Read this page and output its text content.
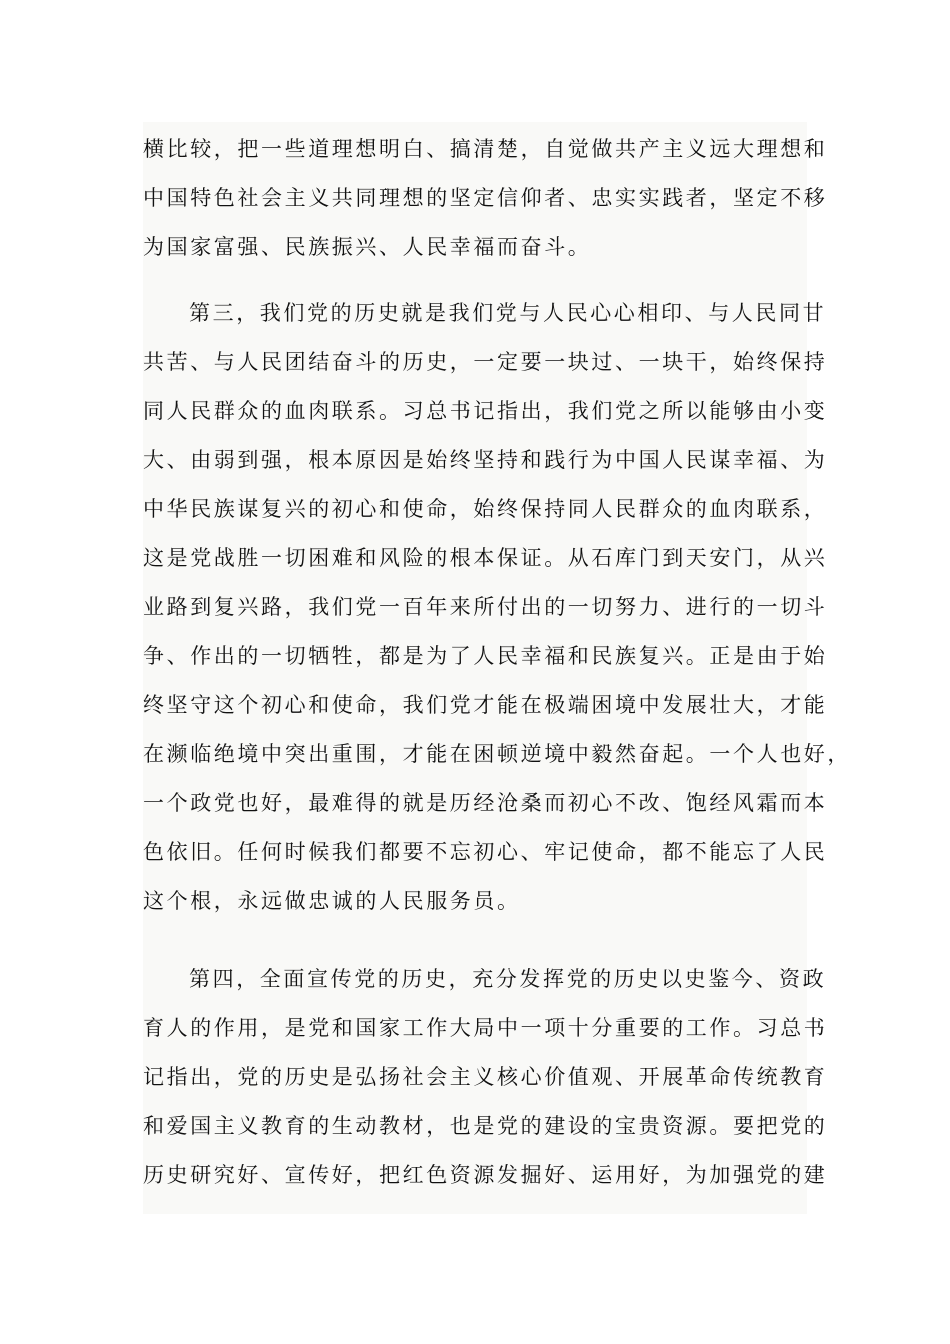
横比较，把一些道理想明白、搞清楚，自觉做共产主义远大理想和
中国特色社会主义共同理想的坚定信仰者、忠实实践者，坚定不移
为国家富强、民族振兴、人民幸福而奋斗。
第三，我们党的历史就是我们党与人民心心相印、与人民同甘
共苦、与人民团结奋斗的历史，一定要一块过、一块干，始终保持
同人民群众的血肉联系。习总书记指出，我们党之所以能够由小变
大、由弱到强，根本原因是始终坚持和践行为中国人民谋幸福、为
中华民族谋复兴的初心和使命，始终保持同人民群众的血肉联系，
这是党战胜一切困难和风险的根本保证。从石库门到天安门，从兴
业路到复兴路，我们党一百年来所付出的一切努力、进行的一切斗
争、作出的一切牺牲，都是为了人民幸福和民族复兴。正是由于始
终坚守这个初心和使命，我们党才能在极端困境中发展壮大，才能
在濒临绝境中突出重围，才能在困顿逆境中毅然奋起。一个人也好，
一个政党也好，最难得的就是历经沧桑而初心不改、饱经风霜而本
色依旧。任何时候我们都要不忘初心、牢记使命，都不能忘了人民
这个根，永远做忠诚的人民服务员。
第四，全面宣传党的历史，充分发挥党的历史以史鉴今、资政
育人的作用，是党和国家工作大局中一项十分重要的工作。习总书
记指出，党的历史是弘扬社会主义核心价值观、开展革命传统教育
和爱国主义教育的生动教材，也是党的建设的宝贵资源。要把党的
历史研究好、宣传好，把红色资源发掘好、运用好，为加强党的建
